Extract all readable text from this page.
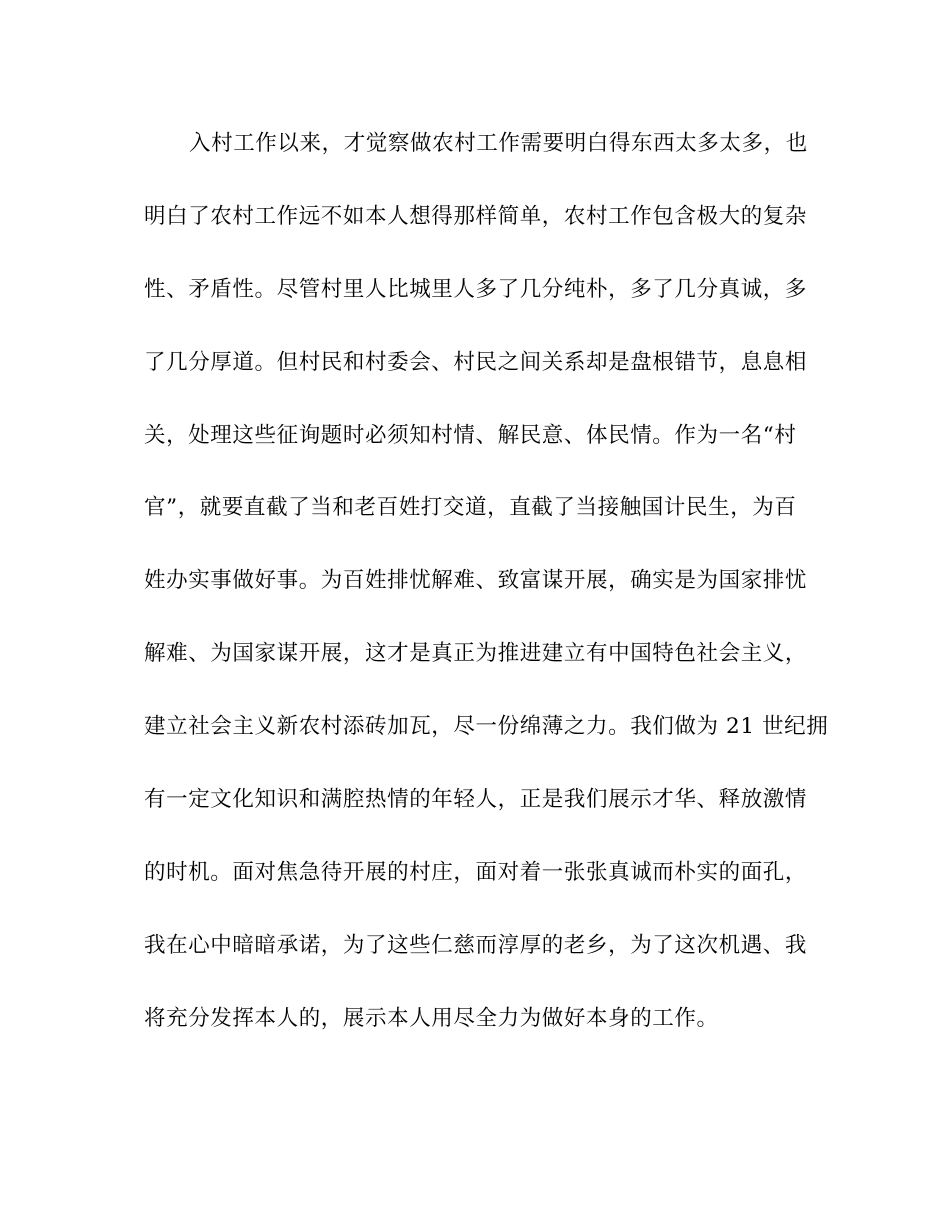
入村工作以来，才觉察做农村工作需要明白得东西太多太多，也
明白了农村工作远不如本人想得那样简单，农村工作包含极大的复杂
性、矛盾性。尽管村里人比城里人多了几分纯朴，多了几分真诚，多
了几分厚道。但村民和村委会、村民之间关系却是盘根错节，息息相
关，处理这些征询题时必须知村情、解民意、体民情。作为一名“村
官”，就要直截了当和老百姓打交道，直截了当接触国计民生，为百
姓办实事做好事。为百姓排忧解难、致富谋开展，确实是为国家排忧
解难、为国家谋开展，这才是真正为推进建立有中国特色社会主义，
建立社会主义新农村添砖加瓦，尽一份绵薄之力。我们做为 21 世纪拥
有一定文化知识和满腔热情的年轻人，正是我们展示才华、释放激情
的时机。面对焦急待开展的村庄，面对着一张张真诚而朴实的面孔，
我在心中暗暗承诺，为了这些仁慈而淳厚的老乡，为了这次机遇、我
将充分发挥本人的，展示本人用尽全力为做好本身的工作。
